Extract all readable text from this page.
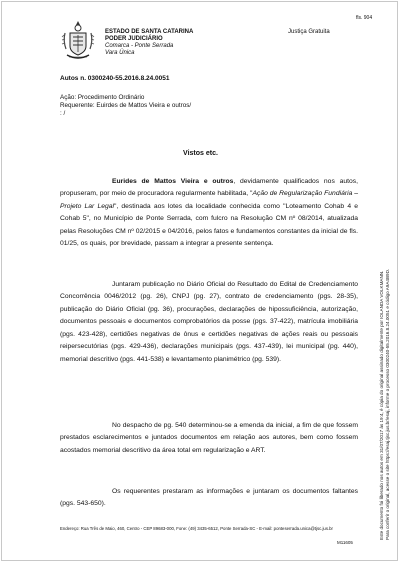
fls. 904
ESTADO DE SANTA CATARINA
PODER JUDICIÁRIO
Comarca - Ponte Serrada
Vara Única
Justiça Gratuita
Autos n. 0300240-55.2016.8.24.0051
Ação: Procedimento Ordinário
Requerente: Euirdes de Mattos Vieira e outros/
: /
Vistos etc.

Eurides de Mattos Vieira e outros, devidamente qualificados nos autos, propuseram, por meio de procuradora regularmente habilitada, "Ação de Regularização Fundiária – Projeto Lar Legal", destinada aos lotes da localidade conhecida como "Loteamento Cohab 4 e Cohab 5", no Município de Ponte Serrada, com fulcro na Resolução CM nº 08/2014, atualizada pelas Resoluções CM nº 02/2015 e 04/2016, pelos fatos e fundamentos constantes da inicial de fls. 01/25, os quais, por brevidade, passam a integrar a presente sentença.

Juntaram publicação no Diário Oficial do Resultado do Edital de Credenciamento Concorrência 0046/2012 (pg. 26), CNPJ (pg. 27), contrato de credenciamento (pgs. 28-35), publicação do Diário Oficial (pg. 36), procurações, declarações de hipossuficiência, autorização, documentos pessoais e documentos comprobatórios da posse (pgs. 37-422), matrícula imobiliária (pgs. 423-428), certidões negativas de ônus e certidões negativas de ações reais ou pessoais reipersecutórias (pgs. 429-436), declarações municipais (pgs. 437-439), lei municipal (pg. 440), memorial descritivo (pgs. 441-538) e levantamento planimétrico (pg. 539).

No despacho de pg. 540 determinou-se a emenda da inicial, a fim de que fossem prestados esclarecimentos e juntados documentos em relação aos autores, bem como fossem acostados memorial descritivo da área total em regularização e ART.

Os requerentes prestaram as informações e juntaram os documentos faltantes (pgs. 543-650).

Endereço: Rua Três de Maio, 460, Centro - CEP 89683-000, Fone: (49) 3435-6512, Ponte Serrada-SC - E-mail: ponteserrada.unica@tjsc.jus.br
M11605
Este documento foi liberado nos autos em 31/07/2017 às 19:4, é cópia do original assinado digitalmente por IOLANDA VOLKMANN. Para conferir o original, acesse o site https://esaj.tjsc.jus.br/esaj, informe o processo 0300240-55.2016.8.24.0051 e código A9A4B9D.
